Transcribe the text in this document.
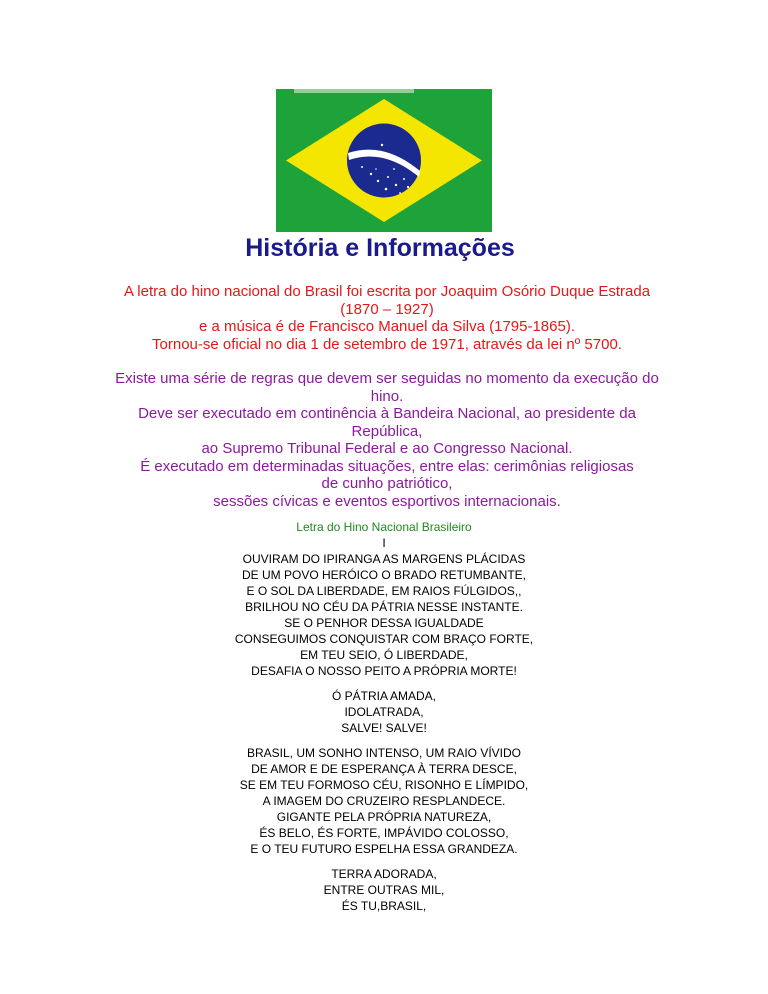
História e Informações
A letra do hino nacional do Brasil foi escrita por Joaquim Osório Duque Estrada
(1870 – 1927)
e a música é de Francisco Manuel da Silva (1795-1865).
Tornou-se oficial no dia 1 de setembro de 1971, através da lei nº 5700.
Existe uma série de regras que devem ser seguidas no momento da execução do
hino.
Deve ser executado em continência à Bandeira Nacional, ao presidente da
República,
ao Supremo Tribunal Federal e ao Congresso Nacional.
É executado em determinadas situações, entre elas: cerimônias religiosas
de cunho patriótico,
sessões cívicas e eventos esportivos internacionais.
Letra do Hino Nacional Brasileiro
I
OUVIRAM DO IPIRANGA AS MARGENS PLÁCIDAS
DE UM POVO HERÓICO O BRADO RETUMBANTE,
E O SOL DA LIBERDADE, EM RAIOS FÚLGIDOS,,
BRILHOU NO CÉU DA PÁTRIA NESSE INSTANTE.
SE O PENHOR DESSA IGUALDADE
CONSEGUIMOS CONQUISTAR COM BRAÇO FORTE,
EM TEU SEIO, Ó LIBERDADE,
DESAFIA O NOSSO PEITO A PRÓPRIA MORTE!
Ó PÁTRIA AMADA,
IDOLATRADA,
SALVE! SALVE!
BRASIL, UM SONHO INTENSO, UM RAIO VÍVIDO
DE AMOR E DE ESPERANÇA À TERRA DESCE,
SE EM TEU FORMOSO CÉU, RISONHO E LÍMPIDO,
A IMAGEM DO CRUZEIRO RESPLANDECE.
GIGANTE PELA PRÓPRIA NATUREZA,
ÉS BELO, ÉS FORTE, IMPÁVIDO COLOSSO,
E O TEU FUTURO ESPELHA ESSA GRANDEZA.
TERRA ADORADA,
ENTRE OUTRAS MIL,
ÉS TU,BRASIL,
